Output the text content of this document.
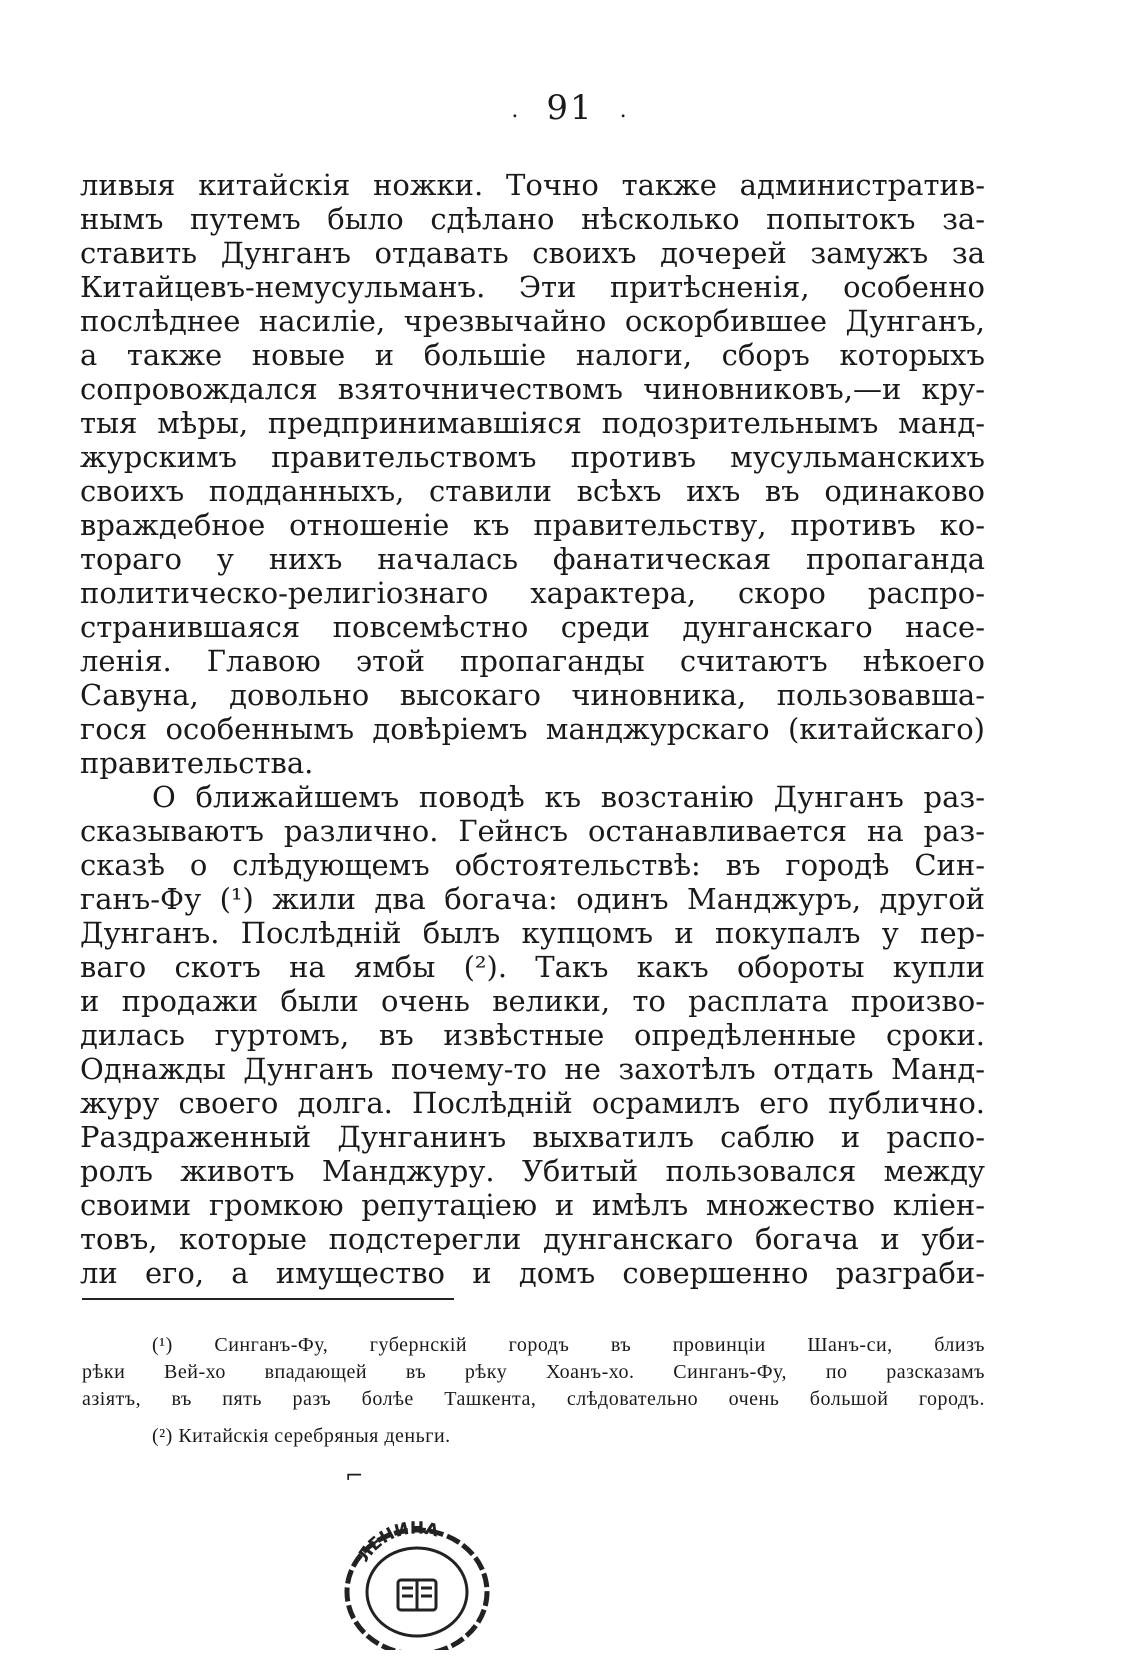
. 91 .
ливыя китайскія ножки. Точно также административ-
нымъ путемъ было сдѣлано нѣсколько попытокъ за-
ставить Дунганъ отдавать своихъ дочерей замужъ за
Китайцевъ-немусульманъ. Эти притѣсненія, особенно
послѣднее насиліе, чрезвычайно оскорбившее Дунганъ,
а также новые и большіе налоги, сборъ которыхъ
сопровождался взяточничествомъ чиновниковъ,—и кру-
тыя мѣры, предпринимавшіяся подозрительнымъ манд-
журскимъ правительствомъ противъ мусульманскихъ
своихъ подданныхъ, ставили всѣхъ ихъ въ одинаково
враждебное отношеніе къ правительству, противъ ко-
тораго у нихъ началась фанатическая пропаганда
политическо-религіознаго характера, скоро распро-
странившаяся повсемѣстно среди дунганскаго насе-
ленія. Главою этой пропаганды считаютъ нѣкоего
Савуна, довольно высокаго чиновника, пользовавша-
гося особеннымъ довѣріемъ манджурскаго (китайскаго)
правительства.
О ближайшемъ поводѣ къ возстанію Дунганъ раз-
сказываютъ различно. Гейнсъ останавливается на раз-
сказѣ о слѣдующемъ обстоятельствѣ: въ городѣ Син-
ганъ-Фу (¹) жили два богача: одинъ Манджуръ, другой
Дунганъ. Послѣдній былъ купцомъ и покупалъ у пер-
ваго скотъ на ямбы (²). Такъ какъ обороты купли
и продажи были очень велики, то расплата произво-
дилась гуртомъ, въ извѣстные опредѣленные сроки.
Однажды Дунганъ почему-то не захотѣлъ отдать Манд-
журу своего долга. Послѣдній осрамилъ его публично.
Раздраженный Дунганинъ выхватилъ саблю и распо-
ролъ животъ Манджуру. Убитый пользовался между
своими громкою репутаціею и имѣлъ множество кліен-
товъ, которые подстерегли дунганскаго богача и уби-
ли его, а имущество и домъ совершенно разграби-
(¹) Синганъ-Фу, губернскій городъ въ провинціи Шанъ-си, близъ
рѣки Вей-хо впадающей въ рѣку Хоанъ-хо. Синганъ-Фу, по разсказамъ
азіятъ, въ пять разъ болѣе Ташкента, слѣдовательно очень большой городъ.
(²) Китайскія серебряныя деньги.
⌐
ЛЕНИНА
